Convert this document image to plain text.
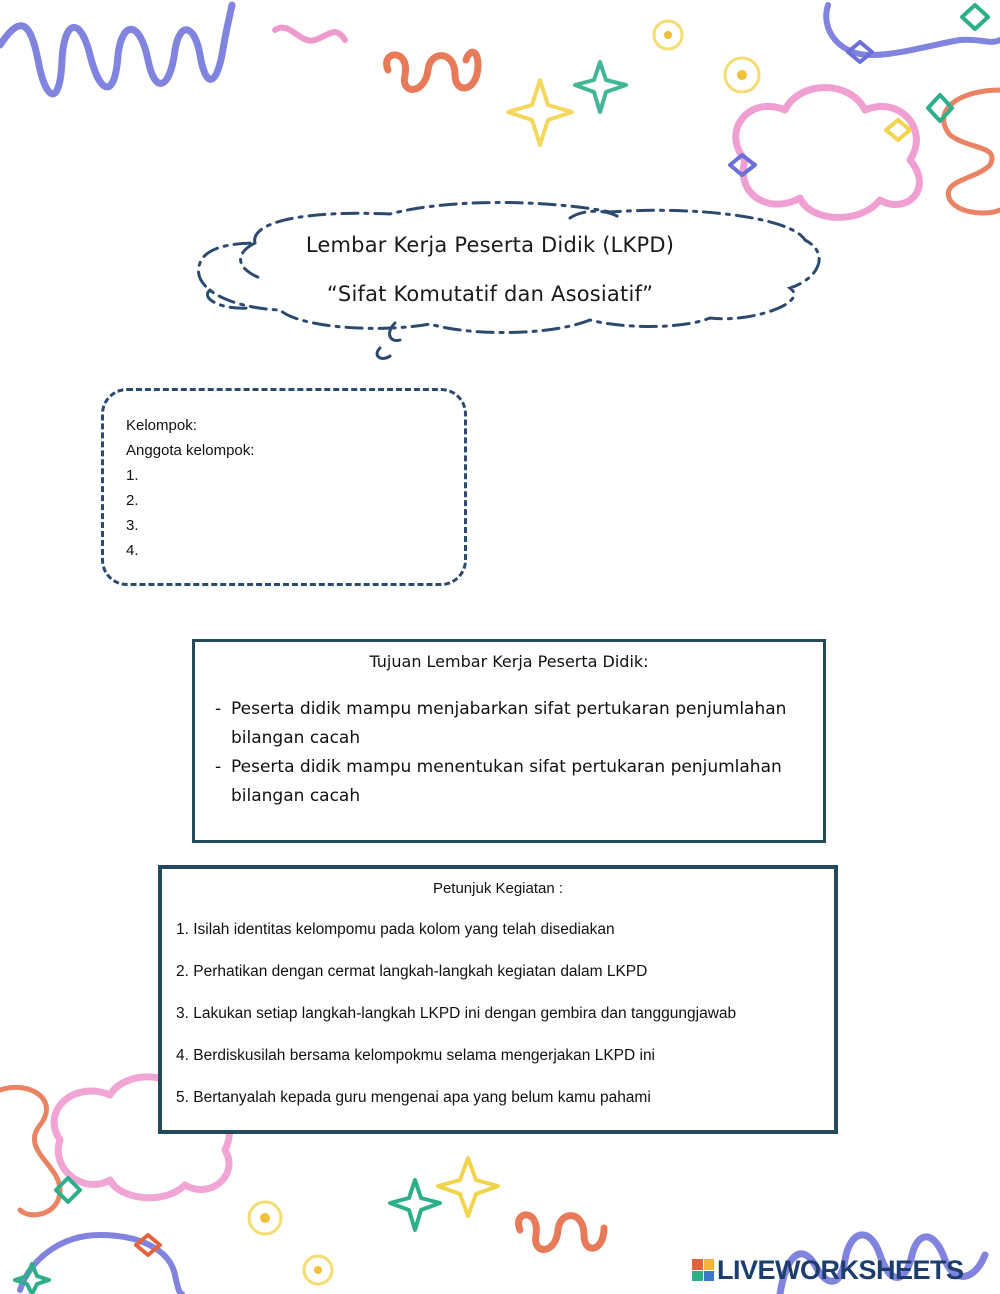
Lembar Kerja Peserta Didik (LKPD)
“Sifat Komutatif dan Asosiatif”
Kelompok:
Anggota kelompok:
1.
2.
3.
4.
Tujuan Lembar Kerja Peserta Didik:
- Peserta didik mampu menjabarkan sifat pertukaran penjumlahan bilangan cacah
- Peserta didik mampu menentukan sifat pertukaran penjumlahan bilangan cacah
Petunjuk Kegiatan :
1. Isilah identitas kelompomu pada kolom yang telah disediakan
2. Perhatikan dengan cermat langkah-langkah kegiatan dalam LKPD
3. Lakukan setiap langkah-langkah LKPD ini dengan gembira dan tanggungjawab
4. Berdiskusilah bersama kelompokmu selama mengerjakan LKPD ini
5. Bertanyalah kepada guru mengenai apa yang belum kamu pahami
LIVEWORKSHEETS
